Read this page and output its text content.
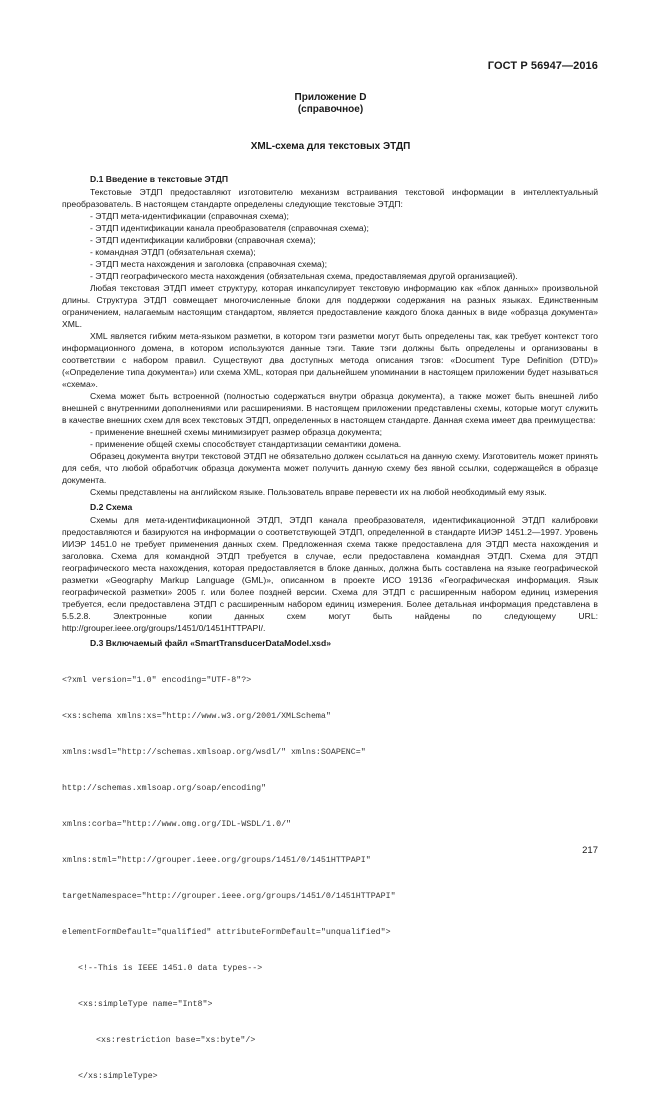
ГОСТ Р 56947—2016
Приложение D
(справочное)
XML-схема для текстовых ЭТДП
D.1 Введение в текстовые ЭТДП

Текстовые ЭТДП предоставляют изготовителю механизм встраивания текстовой информации в интеллектуальный преобразователь. В настоящем стандарте определены следующие текстовые ЭТДП:

- ЭТДП мета-идентификации (справочная схема);
- ЭТДП идентификации канала преобразователя (справочная схема);
- ЭТДП идентификации калибровки (справочная схема);
- командная ЭТДП (обязательная схема);
- ЭТДП места нахождения и заголовка (справочная схема);
- ЭТДП географического места нахождения (обязательная схема, предоставляемая другой организацией).

Любая текстовая ЭТДП имеет структуру, которая инкапсулирует текстовую информацию как «блок данных» произвольной длины. Структура ЭТДП совмещает многочисленные блоки для поддержки содержания на разных языках. Единственным ограничением, налагаемым настоящим стандартом, является предоставление каждого блока данных в виде «образца документа» XML.

XML является гибким мета-языком разметки, в котором тэги разметки могут быть определены так, как требует контекст того информационного домена, в котором используются данные тэги. Такие тэги должны быть определены и организованы в соответствии с набором правил. Существуют два доступных метода описания тэгов: «Document Type Definition (DTD)» («Определение типа документа») или схема XML, которая при дальнейшем упоминании в настоящем приложении будет называться «схема».

Схема может быть встроенной (полностью содержаться внутри образца документа), а также может быть внешней либо внешней с внутренними дополнениями или расширениями. В настоящем приложении представлены схемы, которые могут служить в качестве внешних схем для всех текстовых ЭТДП, определенных в настоящем стандарте. Данная схема имеет два преимущества:

- применение внешней схемы минимизирует размер образца документа;
- применение общей схемы способствует стандартизации семантики домена.

Образец документа внутри текстовой ЭТДП не обязательно должен ссылаться на данную схему. Изготовитель может принять для себя, что любой обработчик образца документа может получить данную схему без явной ссылки, содержащейся в образце документа.

Схемы представлены на английском языке. Пользователь вправе перевести их на любой необходимый ему язык.

D.2 Схема

Схемы для мета-идентификационной ЭТДП, ЭТДП канала преобразователя, идентификационной ЭТДП калибровки предоставляются и базируются на информации о соответствующей ЭТДП, определенной в стандарте ИИЭР 1451.2—1997. Уровень ИИЭР 1451.0 не требует применения данных схем. Предложенная схема также предоставлена для ЭТДП места нахождения и заголовка. Схема для командной ЭТДП требуется в случае, если предоставлена командная ЭТДП. Схема для ЭТДП географического места нахождения, которая предоставляется в блоке данных, должна быть составлена на языке географической разметки «Geography Markup Language (GML)», описанном в проекте ИСО 19136 «Географическая информация. Язык географической разметки» 2005 г. или более поздней версии. Схема для ЭТДП с расширенным набором единиц измерения требуется, если предоставлена ЭТДП с расширенным набором единиц измерения. Более детальная информация представлена в 5.5.2.8. Электронные копии данных схем могут быть найдены по следующему URL: http://grouper.ieee.org/groups/1451/0/1451HTTPAPI/.

D.3 Включаемый файл «SmartTransducerDataModel.xsd»

<?xml version="1.0" encoding="UTF-8"?>

<xs:schema xmlns:xs="http://www.w3.org/2001/XMLSchema"

xmlns:wsdl="http://schemas.xmlsoap.org/wsdl/" xmlns:SOAPENC="

http://schemas.xmlsoap.org/soap/encoding"

xmlns:corba="http://www.omg.org/IDL-WSDL/1.0/"

xmlns:stml="http://grouper.ieee.org/groups/1451/0/1451HTTPAPI"

targetNamespace="http://grouper.ieee.org/groups/1451/0/1451HTTPAPI"

elementFormDefault="qualified" attributeFormDefault="unqualified">

<!--This is IEEE 1451.0 data types-->

<xs:simpleType name="Int8">

<xs:restriction base="xs:byte"/>

</xs:simpleType>

217
